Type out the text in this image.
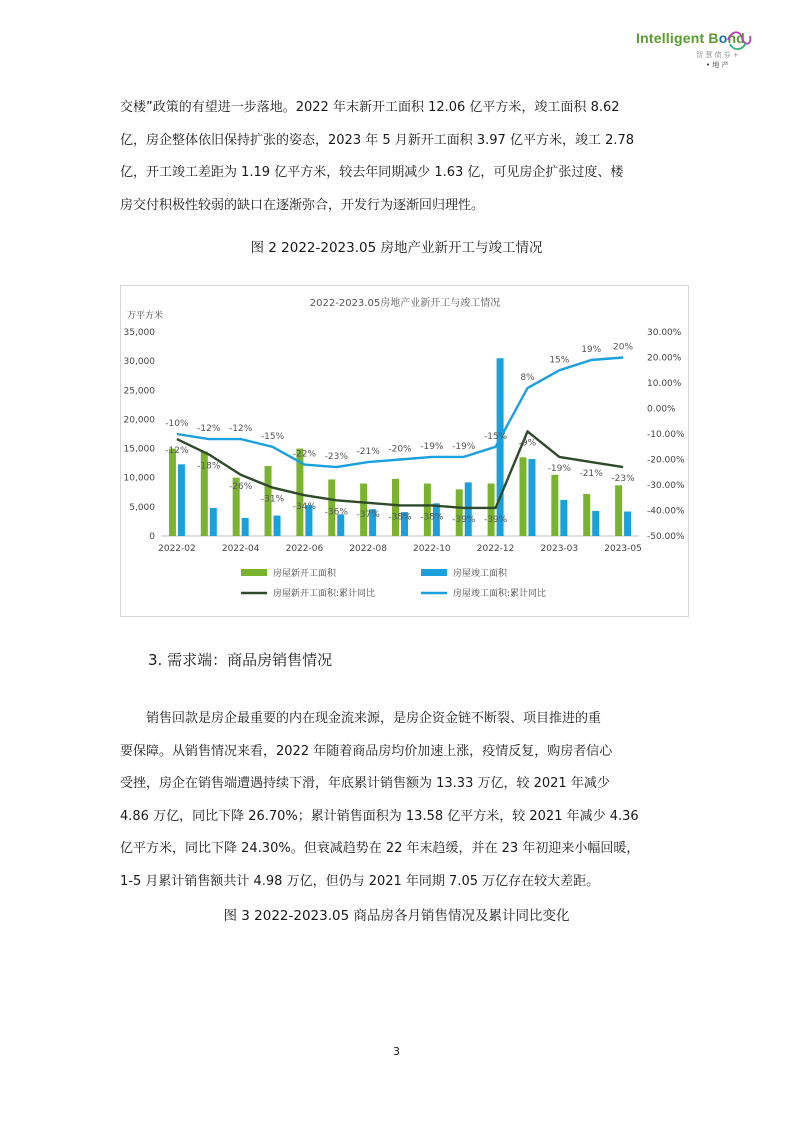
Intelligent Bond
智 慧 债 券 +
• 地 产

交楼”政策的有望进一步落地。2022 年末新开工面积 12.06 亿平方米，竣工面积 8.62

亿，房企整体依旧保持扩张的姿态，2023 年 5 月新开工面积 3.97 亿平方米，竣工 2.78

亿，开工竣工差距为 1.19 亿平方米，较去年同期减少 1.63 亿，可见房企扩张过度、楼

房交付积极性较弱的缺口在逐渐弥合，开发行为逐渐回归理性。

图 2 2022-2023.05 房地产业新开工与竣工情况
2022-2023.05房地产业新开工与竣工情况
万平方米
0
5,000
10,000
15,000
20,000
25,000
30,000
35,000
-50.00%
-40.00%
-30.00%
-20.00%
-10.00%
0.00%
10.00%
20.00%
30.00%
2022-02	2022-04	2022-06	2022-08	2022-10	2022-12	2023-03	2023-05
-12%
-18%
-26%
-31%
-34%
-36% -37% -38% -38% -39% -39%
-9%
-19%
-21%
-23%
-10%
-12% -12%
-15%
-22% -23%
-21% -20% -19% -19%
-15%
8%
15%
19% 20%
房屋新开工面积	房屋竣工面积
房屋新开工面积:累计同比	房屋竣工面积:累计同比
3. 需求端：商品房销售情况

　　销售回款是房企最重要的内在现金流来源，是房企资金链不断裂、项目推进的重

要保障。从销售情况来看，2022 年随着商品房均价加速上涨，疫情反复，购房者信心

受挫，房企在销售端遭遇持续下滑，年底累计销售额为 13.33 万亿，较 2021 年减少

4.86 万亿，同比下降 26.70%；累计销售面积为 13.58 亿平方米，较 2021 年减少 4.36

亿平方米，同比下降 24.30%。但衰减趋势在 22 年末趋缓，并在 23 年初迎来小幅回暖，

1-5 月累计销售额共计 4.98 万亿，但仍与 2021 年同期 7.05 万亿存在较大差距。

图 3 2022-2023.05 商品房各月销售情况及累计同比变化
3
